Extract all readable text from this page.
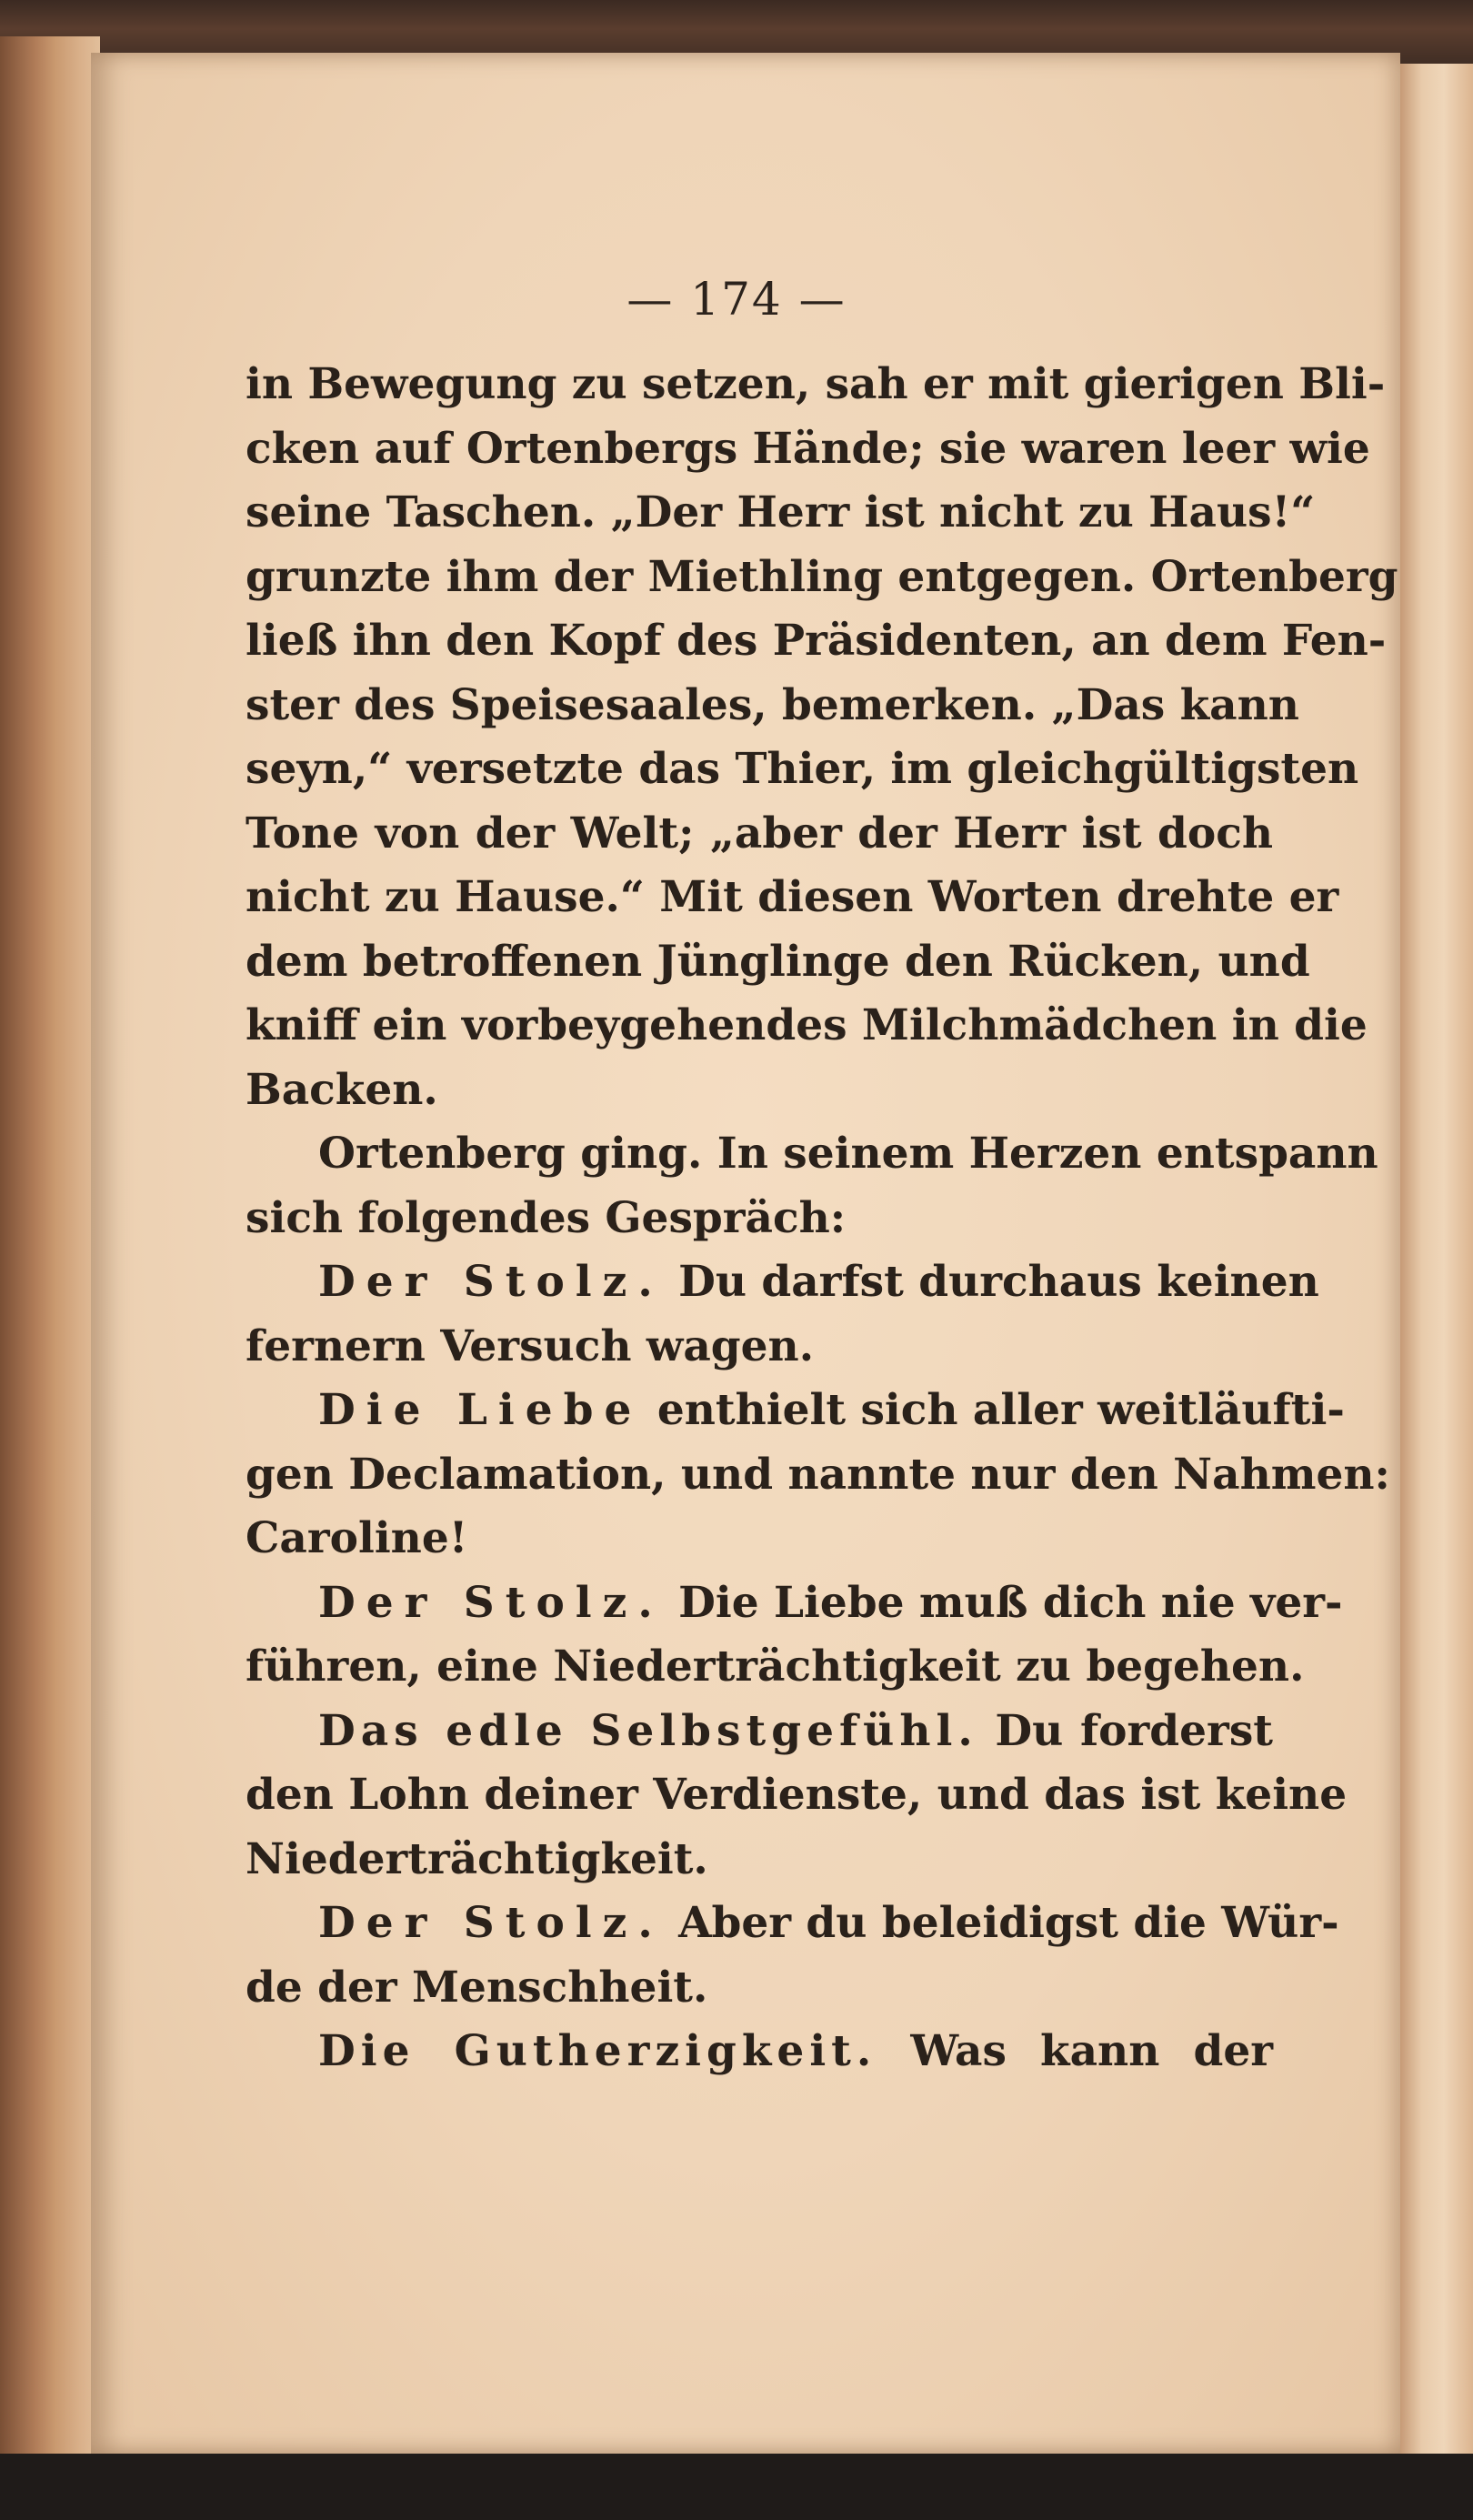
— 174 —
in Bewegung zu setzen, sah er mit gierigen Bli-
cken auf Ortenbergs Hände; sie waren leer wie
seine Taschen. „Der Herr ist nicht zu Haus!“
grunzte ihm der Miethling entgegen. Ortenberg
ließ ihn den Kopf des Präsidenten, an dem Fen-
ster des Speisesaales, bemerken. „Das kann
seyn,“ versetzte das Thier, im gleichgültigsten
Tone von der Welt; „aber der Herr ist doch
nicht zu Hause.“ Mit diesen Worten drehte er
dem betroffenen Jünglinge den Rücken, und
kniff ein vorbeygehendes Milchmädchen in die
Backen.
Ortenberg ging. In seinem Herzen entspann
sich folgendes Gespräch:
Der Stolz. Du darfst durchaus keinen
fernern Versuch wagen.
Die Liebe enthielt sich aller weitläufti-
gen Declamation, und nannte nur den Nahmen:
Caroline!
Der Stolz. Die Liebe muß dich nie ver-
führen, eine Niederträchtigkeit zu begehen.
Das edle Selbstgefühl. Du forderst
den Lohn deiner Verdienste, und das ist keine
Niederträchtigkeit.
Der Stolz. Aber du beleidigst die Wür-
de der Menschheit.
Die Gutherzigkeit. Was kann der
